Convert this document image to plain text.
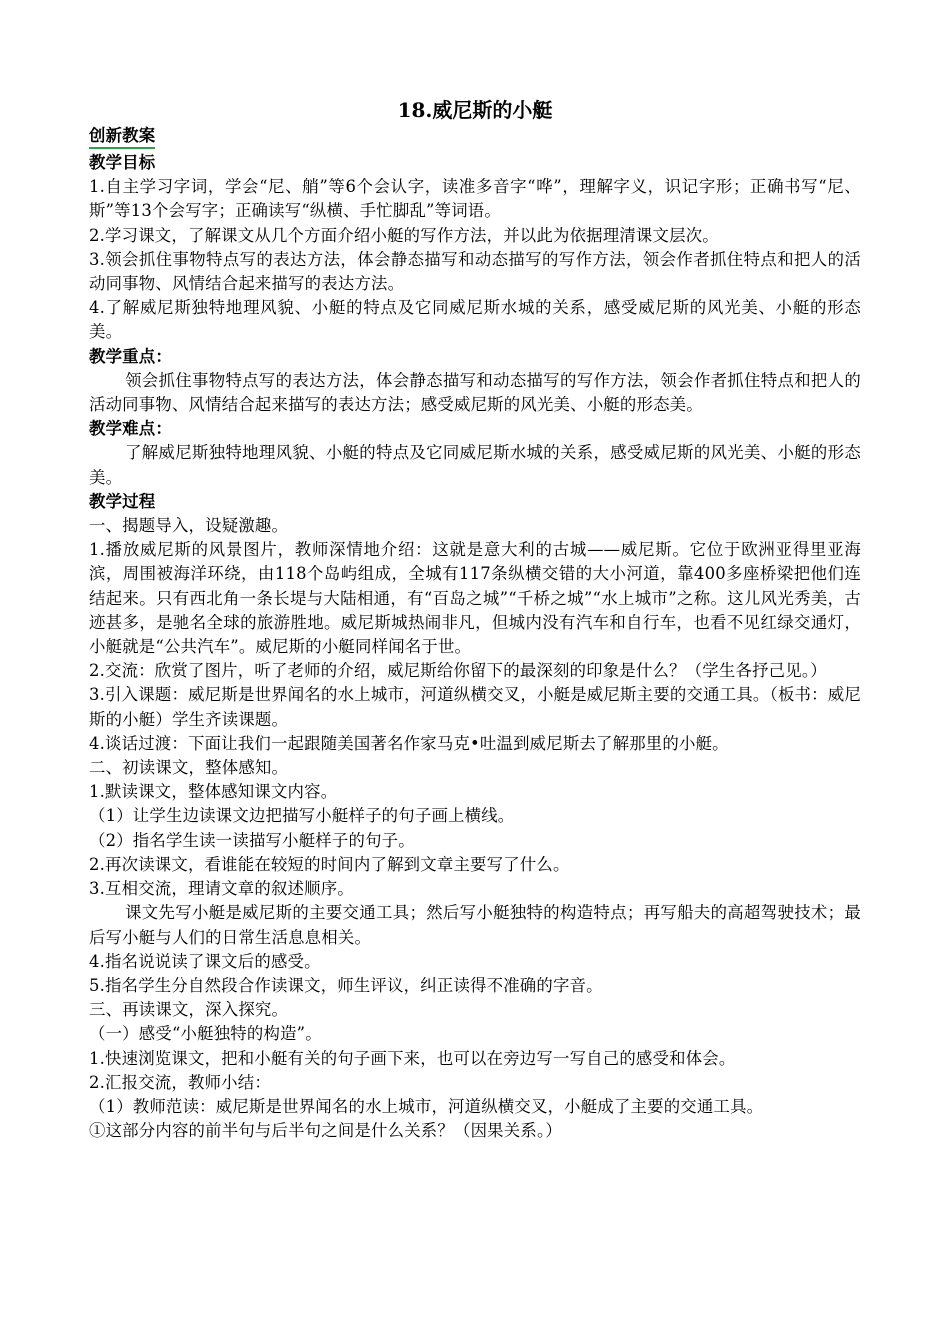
18.威尼斯的小艇

创新教案

教学目标

1.自主学习字词，学会“尼、艄”等6个会认字，读准多音字“哗”，理解字义，识记字形；正确书写“尼、斯”等13个会写字；正确读写“纵横、手忙脚乱”等词语。

2.学习课文，了解课文从几个方面介绍小艇的写作方法，并以此为依据理清课文层次。

3.领会抓住事物特点写的表达方法，体会静态描写和动态描写的写作方法，领会作者抓住特点和把人的活动同事物、风情结合起来描写的表达方法。

4.了解威尼斯独特地理风貌、小艇的特点及它同威尼斯水城的关系，感受威尼斯的风光美、小艇的形态美。

教学重点：

领会抓住事物特点写的表达方法，体会静态描写和动态描写的写作方法，领会作者抓住特点和把人的活动同事物、风情结合起来描写的表达方法；感受威尼斯的风光美、小艇的形态美。

教学难点：

了解威尼斯独特地理风貌、小艇的特点及它同威尼斯水城的关系，感受威尼斯的风光美、小艇的形态美。

教学过程

一、揭题导入，设疑激趣。

1.播放威尼斯的风景图片，教师深情地介绍：这就是意大利的古城——威尼斯。它位于欧洲亚得里亚海滨，周围被海洋环绕，由118个岛屿组成，全城有117条纵横交错的大小河道，靠400多座桥梁把他们连结起来。只有西北角一条长堤与大陆相通，有“百岛之城”“千桥之城”“水上城市”之称。这儿风光秀美，古迹甚多，是驰名全球的旅游胜地。威尼斯城热闹非凡，但城内没有汽车和自行车，也看不见红绿交通灯，小艇就是“公共汽车”。威尼斯的小艇同样闻名于世。

2.交流：欣赏了图片，听了老师的介绍，威尼斯给你留下的最深刻的印象是什么？（学生各抒己见。）

3.引入课题：威尼斯是世界闻名的水上城市，河道纵横交叉，小艇是威尼斯主要的交通工具。（板书：威尼斯的小艇）学生齐读课题。

4.谈话过渡：下面让我们一起跟随美国著名作家马克•吐温到威尼斯去了解那里的小艇。

二、初读课文，整体感知。

1.默读课文，整体感知课文内容。

（1）让学生边读课文边把描写小艇样子的句子画上横线。

（2）指名学生读一读描写小艇样子的句子。

2.再次读课文，看谁能在较短的时间内了解到文章主要写了什么。

3.互相交流，理请文章的叙述顺序。

课文先写小艇是威尼斯的主要交通工具；然后写小艇独特的构造特点；再写船夫的高超驾驶技术；最后写小艇与人们的日常生活息息相关。

4.指名说说读了课文后的感受。

5.指名学生分自然段合作读课文，师生评议，纠正读得不准确的字音。

三、再读课文，深入探究。

（一）感受“小艇独特的构造”。

1.快速浏览课文，把和小艇有关的句子画下来，也可以在旁边写一写自己的感受和体会。

2.汇报交流，教师小结：

（1）教师范读：威尼斯是世界闻名的水上城市，河道纵横交叉，小艇成了主要的交通工具。

①这部分内容的前半句与后半句之间是什么关系？（因果关系。）
